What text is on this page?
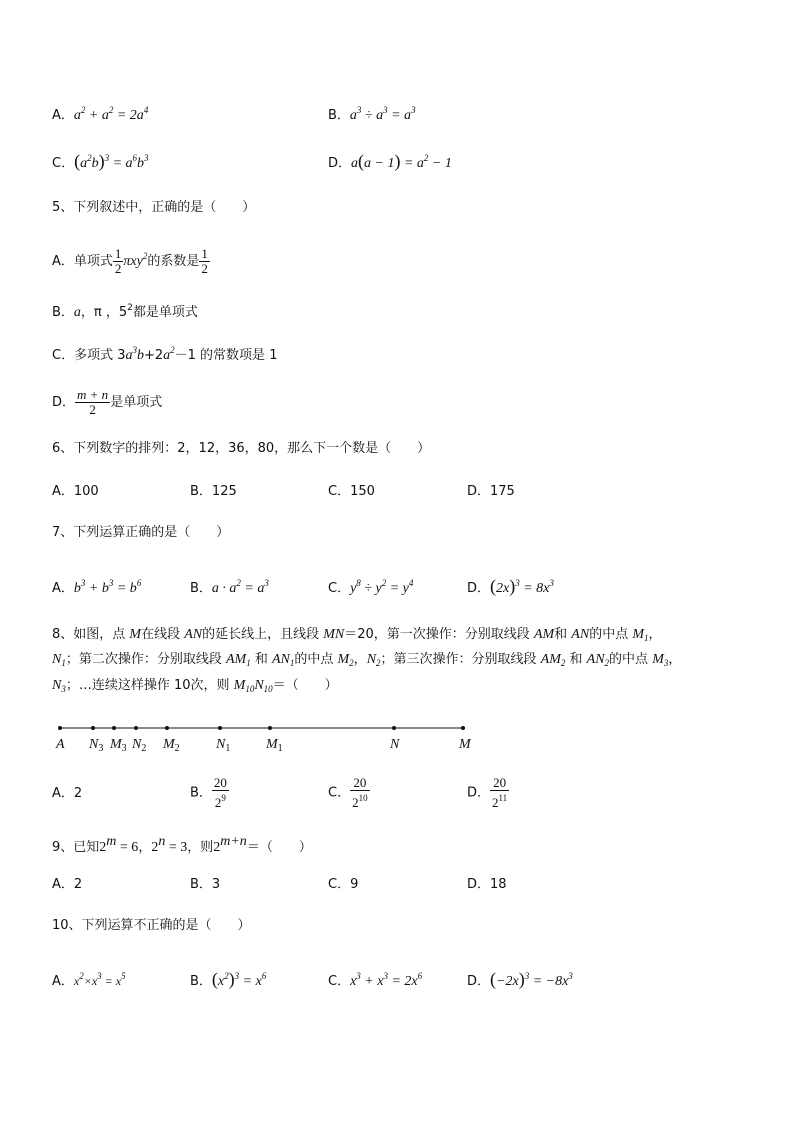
A．$a^2 + a^2 = 2a^4$	B．$a^3 \div a^3 = a^3$
C．$(a^2b)^3 = a^6b^3$	D．$a(a - 1) = a^2 - 1$
5、下列叙述中，正确的是（　　）
A．单项式 $\frac{1}{2} \pi xy^2$的系数是 $\frac{1}{2}$
B．a，π ，$5^2$都是单项式
C．多项式 $3a^3b+2a^2-1$ 的常数项是 1
D． $\frac{m + n}{2}$ 是单项式
6、下列数字的排列：2，12，36，80，那么下一个数是（　　）
A．100	B．125	C．150	D．175
7、下列运算正确的是（　　）
A．$b^3 + b^3 = b^6$	B．$a \cdot a^2 = a^3$	C．$y^8 \div y^2 = y^4$	D．$(2x)^3 = 8x^3$
8、如图，点 M在线段 AN的延长线上，且线段 MN＝20，第一次操作：分别取线段 AM和 AN的中点 $M_1$，
$N_1$；第二次操作：分别取线段 $AM_1$ 和 $AN_1$的中点 $M_2$，$N_2$；第三次操作：分别取线段 $AM_2$ 和 $AN_2$的中点 $M_3$，
$N_3$；…连续这样操作 10次，则 $M_{10}N_{10}=$（　　）
A $N_3$ $M_3$ $N_2$ $M_2$	$N_1$	$M_1$	N	M
A．2	B． $\frac{20}{2^9}$	C． $\frac{20}{2^{10}}$	D． $\frac{20}{2^{11}}$
9、已知$2^m = 6$，$2^n = 3$，则$2^{m+n}=$（　　）
A．2	B．3	C．9	D．18
10、下列运算不正确的是（　　）
A．$x^2\times x^3 = x^5$	B．$(x^2)^3 = x^6$	C．$x^3 + x^3 = 2x^6$	D．$(-2x)^3 = -8x^3$
